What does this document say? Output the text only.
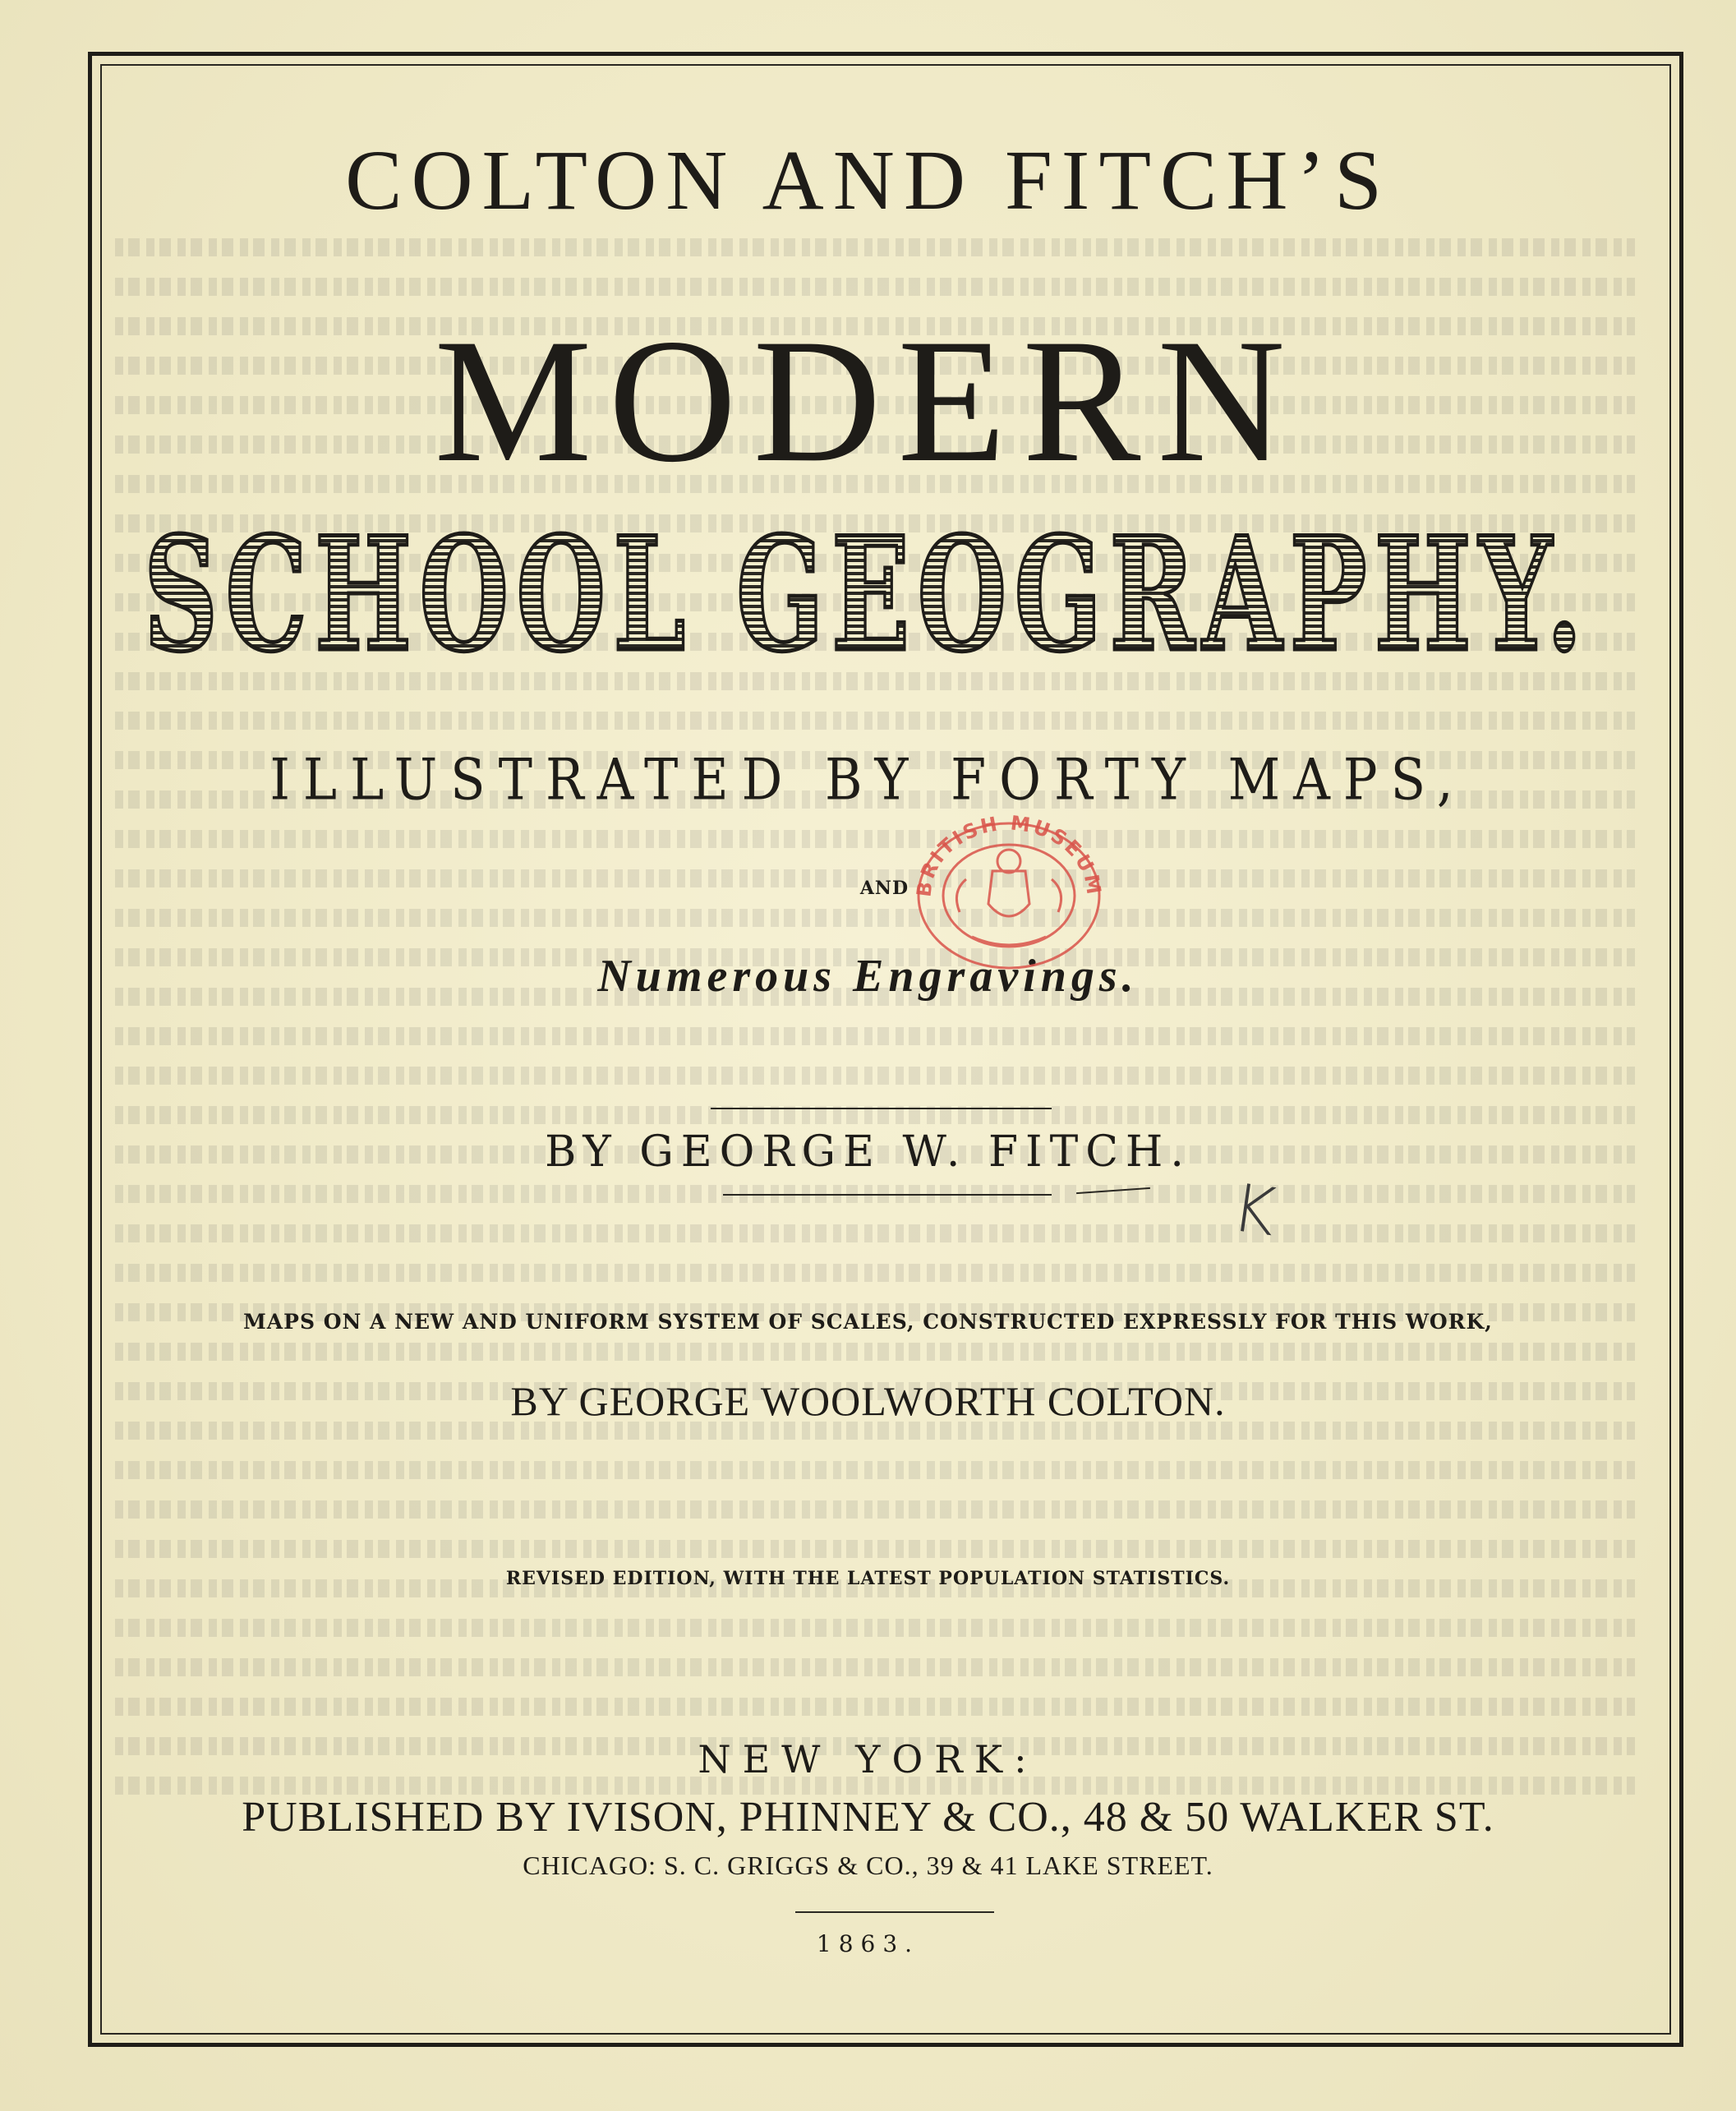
COLTON AND FITCH’S
MODERN
SCHOOL GEOGRAPHY.
ILLUSTRATED BY FORTY MAPS,
AND
Numerous Engravings.
BY GEORGE W. FITCH.
K
MAPS ON A NEW AND UNIFORM SYSTEM OF SCALES, CONSTRUCTED EXPRESSLY FOR THIS WORK,
BY GEORGE WOOLWORTH COLTON.
REVISED EDITION, WITH THE LATEST POPULATION STATISTICS.
NEW YORK:
PUBLISHED BY IVISON, PHINNEY & CO., 48 & 50 WALKER ST.
CHICAGO: S. C. GRIGGS & CO., 39 & 41 LAKE STREET.
1863.
BRITISH MUSEUM
